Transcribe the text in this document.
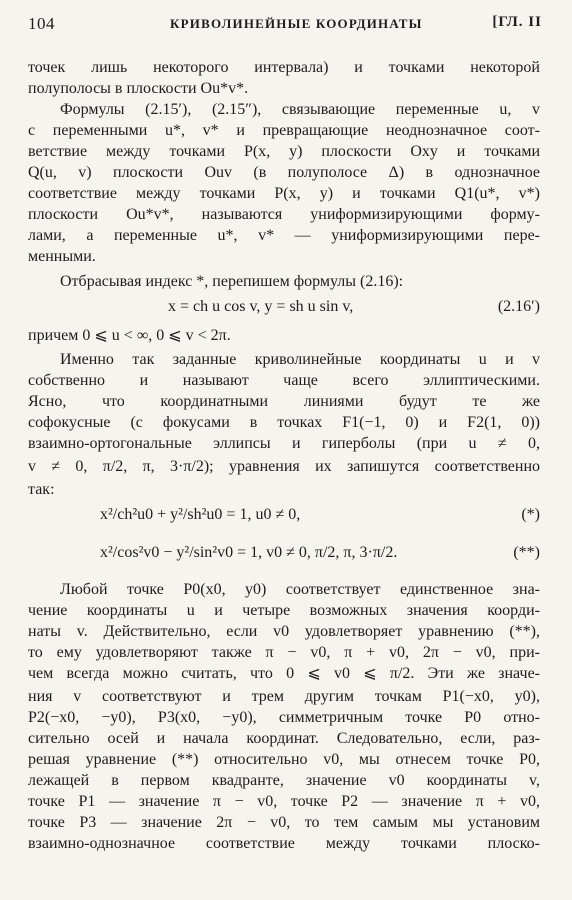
104	КРИВОЛИНЕЙНЫЕ КООРДИНАТЫ	[ГЛ. II
точек лишь некоторого интервала) и точками некоторой
полуполосы в плоскости Ou*v*.
Формулы (2.15′), (2.15″), связывающие переменные u, v
с переменными u*, v* и превращающие неоднозначное соот-
ветствие между точками P(x, y) плоскости Oxy и точками
Q(u, v) плоскости Ouv (в полуполосе Δ) в однозначное
соответствие между точками P(x, y) и точками Q1(u*, v*)
плоскости Ou*v*, называются униформизирующими форму-
лами, а переменные u*, v* — униформизирующими пере-
менными.
Отбрасывая индекс *, перепишем формулы (2.16):
x = ch u cos v, y = sh u sin v,	(2.16′)
причем 0 ⩽ u < ∞, 0 ⩽ v < 2π.
Именно так заданные криволинейные координаты u и v
собственно и называют чаще всего эллиптическими.
Ясно, что координатными линиями будут те же
софокусные (с фокусами в точках F1(−1, 0) и F2(1, 0))
взаимно-ортогональные эллипсы и гиперболы (при u ≠ 0,
v ≠ 0, π/2, π, 3·π/2); уравнения их запишутся соответственно
так:
x²/ch²u0 + y²/sh²u0 = 1, u0 ≠ 0,	(*)
x²/cos²v0 − y²/sin²v0 = 1, v0 ≠ 0, π/2, π, 3·π/2.	(**)
Любой точке P0(x0, y0) соответствует единственное зна-
чение координаты u и четыре возможных значения коорди-
наты v. Действительно, если v0 удовлетворяет уравнению (**),
то ему удовлетворяют также π − v0, π + v0, 2π − v0, при-
чем всегда можно считать, что 0 ⩽ v0 ⩽ π/2. Эти же значе-
ния v соответствуют и трем другим точкам P1(−x0, y0),
P2(−x0, −y0), P3(x0, −y0), симметричным точке P0 отно-
сительно осей и начала координат. Следовательно, если, раз-
решая уравнение (**) относительно v0, мы отнесем точке P0,
лежащей в первом квадранте, значение v0 координаты v,
точке P1 — значение π − v0, точке P2 — значение π + v0,
точке P3 — значение 2π − v0, то тем самым мы установим
взаимно-однозначное соответствие между точками плоско-
